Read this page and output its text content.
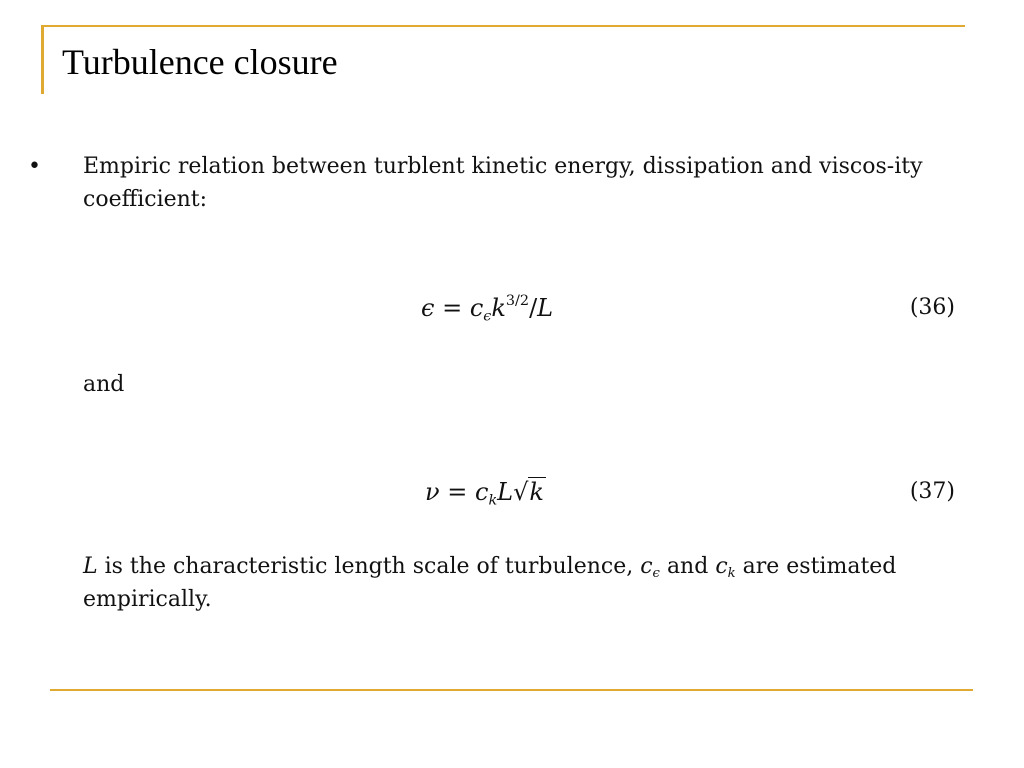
Turbulence closure
• Empiric relation between turblent kinetic energy, dissipation and viscos-ity coefficient:
$\epsilon = c_\epsilon k^{3/2}/L$	(36)
and
$\nu = c_kL√k$	(37)
L is the characteristic length scale of turbulence, $c_\epsilon$ and $c_k$ are estimated empirically.
